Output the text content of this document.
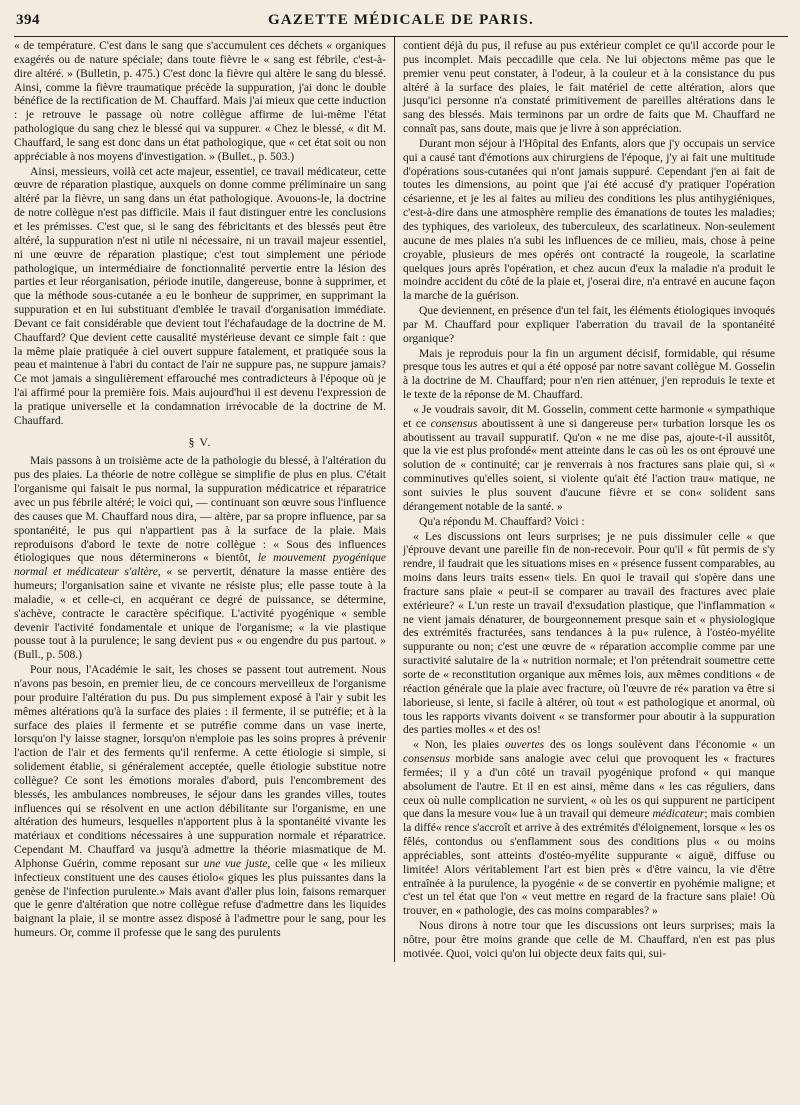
394	GAZETTE MÉDICALE DE PARIS.

« de température. C'est dans le sang que s'accumulent ces déchets « organiques exagérés ou de nature spéciale; dans toute fièvre le « sang est fébrile, c'est-à-dire altéré. » (Bulletin, p. 475.) C'est donc la fièvre qui altère le sang du blessé. Ainsi, comme la fièvre traumatique précède la suppuration, j'ai donc le double bénéfice de la rectification de M. Chauffard. Mais j'ai mieux que cette induction : je retrouve le passage où notre collègue affirme de lui-même l'état pathologique du sang chez le blessé qui va suppurer. « Chez le blessé, « dit M. Chauffard, le sang est donc dans un état pathologique, que « cet état soit ou non appréciable à nos moyens d'investigation. » (Bullet., p. 503.)

Ainsi, messieurs, voilà cet acte majeur, essentiel, ce travail médicateur, cette œuvre de réparation plastique, auxquels on donne comme préliminaire un sang altéré par la fièvre, un sang dans un état pathologique. Avouons-le, la doctrine de notre collègue n'est pas difficile. Mais il faut distinguer entre les conclusions et les prémisses. C'est que, si le sang des fébricitants et des blessés peut être altéré, la suppuration n'est ni utile ni nécessaire, ni un travail majeur essentiel, ni une œuvre de réparation plastique; c'est tout simplement une période pathologique, un intermédiaire de fonctionnalité pervertie entre la lésion des parties et leur réorganisation, période inutile, dangereuse, bonne à supprimer, et que la méthode sous-cutanée a eu le bonheur de supprimer, en supprimant la suppuration et en lui substituant d'emblée le travail d'organisation immédiate. Devant ce fait considérable que devient tout l'échafaudage de la doctrine de M. Chauffard? Que devient cette causalité mystérieuse devant ce simple fait : que la même plaie pratiquée à ciel ouvert suppure fatalement, et pratiquée sous la peau et maintenue à l'abri du contact de l'air ne suppure pas, ne suppure jamais? Ce mot jamais a singulièrement effarouché mes contradicteurs à l'époque où je l'ai affirmé pour la première fois. Mais aujourd'hui il est devenu l'expression de la pratique universelle et la condamnation irrévocable de la doctrine de M. Chauffard.

§ V.

Mais passons à un troisième acte de la pathologie du blessé, à l'altération du pus des plaies. La théorie de notre collègue se simplifie de plus en plus. C'était l'organisme qui faisait le pus normal, la suppuration médicatrice et réparatrice avec un pus fébrile altéré; le voici qui, — continuant son œuvre sous l'influence des causes que M. Chauffard nous dira, — altère, par sa propre influence, par sa spontanéité, le pus qui n'appartient pas à la surface de la plaie. Mais reproduisons d'abord le texte de notre collègue : « Sous des influences étiologiques que nous déterminerons « bientôt, le mouvement pyogénique normal et médicateur s'altère, « se pervertit, dénature la masse entière des humeurs; l'organisation saine et vivante ne résiste plus; elle passe toute à la maladie, « et celle-ci, en acquérant ce degré de puissance, se détermine, s'achève, contracte le caractère spécifique. L'activité pyogénique « semble devenir l'activité fondamentale et unique de l'organisme; « la vie plastique pousse tout à la purulence; le sang devient pus « ou engendre du pus partout. » (Bull., p. 508.)

Pour nous, l'Académie le sait, les choses se passent tout autrement. Nous n'avons pas besoin, en premier lieu, de ce concours merveilleux de l'organisme pour produire l'altération du pus. Du pus simplement exposé à l'air y subit les mêmes altérations qu'à la surface des plaies : il fermente, il se putréfie; et à la surface des plaies il fermente et se putréfie comme dans un vase inerte, lorsqu'on l'y laisse stagner, lorsqu'on n'emploie pas les soins propres à prévenir l'action de l'air et des ferments qu'il renferme. A cette étiologie si simple, si solidement établie, si généralement acceptée, quelle étiologie substitue notre collègue? Ce sont les émotions morales d'abord, puis l'encombrement des blessés, les ambulances nombreuses, le séjour dans les grandes villes, toutes influences qui se résolvent en une action débilitante sur l'organisme, en une altération des humeurs, lesquelles n'apportent plus à la spontanéité vivante les matériaux et conditions nécessaires à une suppuration normale et réparatrice. Cependant M. Chauffard va jusqu'à admettre la théorie miasmatique de M. Alphonse Guérin, comme reposant sur une vue juste, celle que « les milieux infectieux constituent une des causes étiolo« giques les plus puissantes dans la genèse de l'infection purulente.» Mais avant d'aller plus loin, faisons remarquer que le genre d'altération que notre collègue refuse d'admettre dans les liquides baignant la plaie, il se montre assez disposé à l'admettre pour le sang, pour les humeurs. Or, comme il professe que le sang des purulents

contient déjà du pus, il refuse au pus extérieur complet ce qu'il accorde pour le pus incomplet. Mais peccadille que cela. Ne lui objectons même pas que le premier venu peut constater, à l'odeur, à la couleur et à la consistance du pus altéré à la surface des plaies, le fait matériel de cette altération, alors que jusqu'ici personne n'a constaté primitivement de pareilles altérations dans le sang des blessés. Mais terminons par un ordre de faits que M. Chauffard ne connaît pas, sans doute, mais que je livre à son appréciation.

Durant mon séjour à l'Hôpital des Enfants, alors que j'y occupais un service qui a causé tant d'émotions aux chirurgiens de l'époque, j'y ai fait une multitude d'opérations sous-cutanées qui n'ont jamais suppuré. Cependant j'en ai fait de toutes les dimensions, au point que j'ai été accusé d'y pratiquer l'opération césarienne, et je les ai faites au milieu des conditions les plus antihygiéniques, c'est-à-dire dans une atmosphère remplie des émanations de toutes les maladies; des typhiques, des varioleux, des tuberculeux, des scarlatineux. Non-seulement aucune de mes plaies n'a subi les influences de ce milieu, mais, chose à peine croyable, plusieurs de mes opérés ont contracté la rougeole, la scarlatine quelques jours après l'opération, et chez aucun d'eux la maladie n'a produit le moindre accident du côté de la plaie et, j'oserai dire, n'a entravé en aucune façon la marche de la guérison.

Que deviennent, en présence d'un tel fait, les éléments étiologiques invoqués par M. Chauffard pour expliquer l'aberration du travail de la spontanéité organique?

Mais je reproduis pour la fin un argument décisif, formidable, qui résume presque tous les autres et qui a été opposé par notre savant collègue M. Gosselin à la doctrine de M. Chauffard; pour n'en rien atténuer, j'en reproduis le texte et le texte de la réponse de M. Chauffard.

« Je voudrais savoir, dit M. Gosselin, comment cette harmonie « sympathique et ce consensus aboutissent à une si dangereuse per« turbation lorsque les os aboutissent au travail suppuratif. Qu'on « ne me dise pas, ajoute-t-il aussitôt, que la vie est plus profondé« ment atteinte dans le cas où les os ont éprouvé une solution de « continuité; car je renverrais à nos fractures sans plaie qui, si « comminutives qu'elles soient, si violente qu'ait été l'action trau« matique, ne sont suivies le plus souvent d'aucune fièvre et se con« solident sans dérangement notable de la santé. »

Qu'a répondu M. Chauffard? Voici :

« Les discussions ont leurs surprises; je ne puis dissimuler celle « que j'éprouve devant une pareille fin de non-recevoir. Pour qu'il « fût permis de s'y rendre, il faudrait que les situations mises en « présence fussent comparables, au moins dans leurs traits essen« tiels. En quoi le travail qui s'opère dans une fracture sans plaie « peut-il se comparer au travail des fractures avec plaie extérieure? « L'un reste un travail d'exsudation plastique, que l'inflammation « ne vient jamais dénaturer, de bourgeonnement presque sain et « physiologique des extrémités fracturées, sans tendances à la pu« rulence, à l'ostéo-myélite suppurante ou non; c'est une œuvre de « réparation accomplie comme par une suractivité salutaire de la « nutrition normale; et l'on prétendrait soumettre cette sorte de « reconstitution organique aux mêmes lois, aux mêmes conditions « de réaction générale que la plaie avec fracture, où l'œuvre de ré« paration va être si laborieuse, si lente, si facile à altérer, où tout « est pathologique et anormal, où tous les rapports vivants doivent « se transformer pour aboutir à la suppuration des parties molles « et des os!

« Non, les plaies ouvertes des os longs soulèvent dans l'économie « un consensus morbide sans analogie avec celui que provoquent les « fractures fermées; il y a d'un côté un travail pyogénique profond « qui manque absolument de l'autre. Et il en est ainsi, même dans « les cas réguliers, dans ceux où nulle complication ne survient, « où les os qui suppurent ne participent que dans la mesure vou« lue à un travail qui demeure médicateur; mais combien la diffé« rence s'accroît et arrive à des extrémités d'éloignement, lorsque « les os fêlés, contondus ou s'enflamment sous des conditions plus « ou moins appréciables, sont atteints d'ostéo-myélite suppurante « aiguë, diffuse ou limitée! Alors véritablement l'art est bien près « d'être vaincu, la vie d'être entraînée à la purulence, la pyogénie « de se convertir en pyohémie maligne; et c'est un tel état que l'on « veut mettre en regard de la fracture sans plaie! Où trouver, en « pathologie, des cas moins comparables? »

Nous dirons à notre tour que les discussions ont leurs surprises; mais la nôtre, pour être moins grande que celle de M. Chauffard, n'en est pas plus motivée. Quoi, voici qu'on lui objecte deux faits qui, sui-
